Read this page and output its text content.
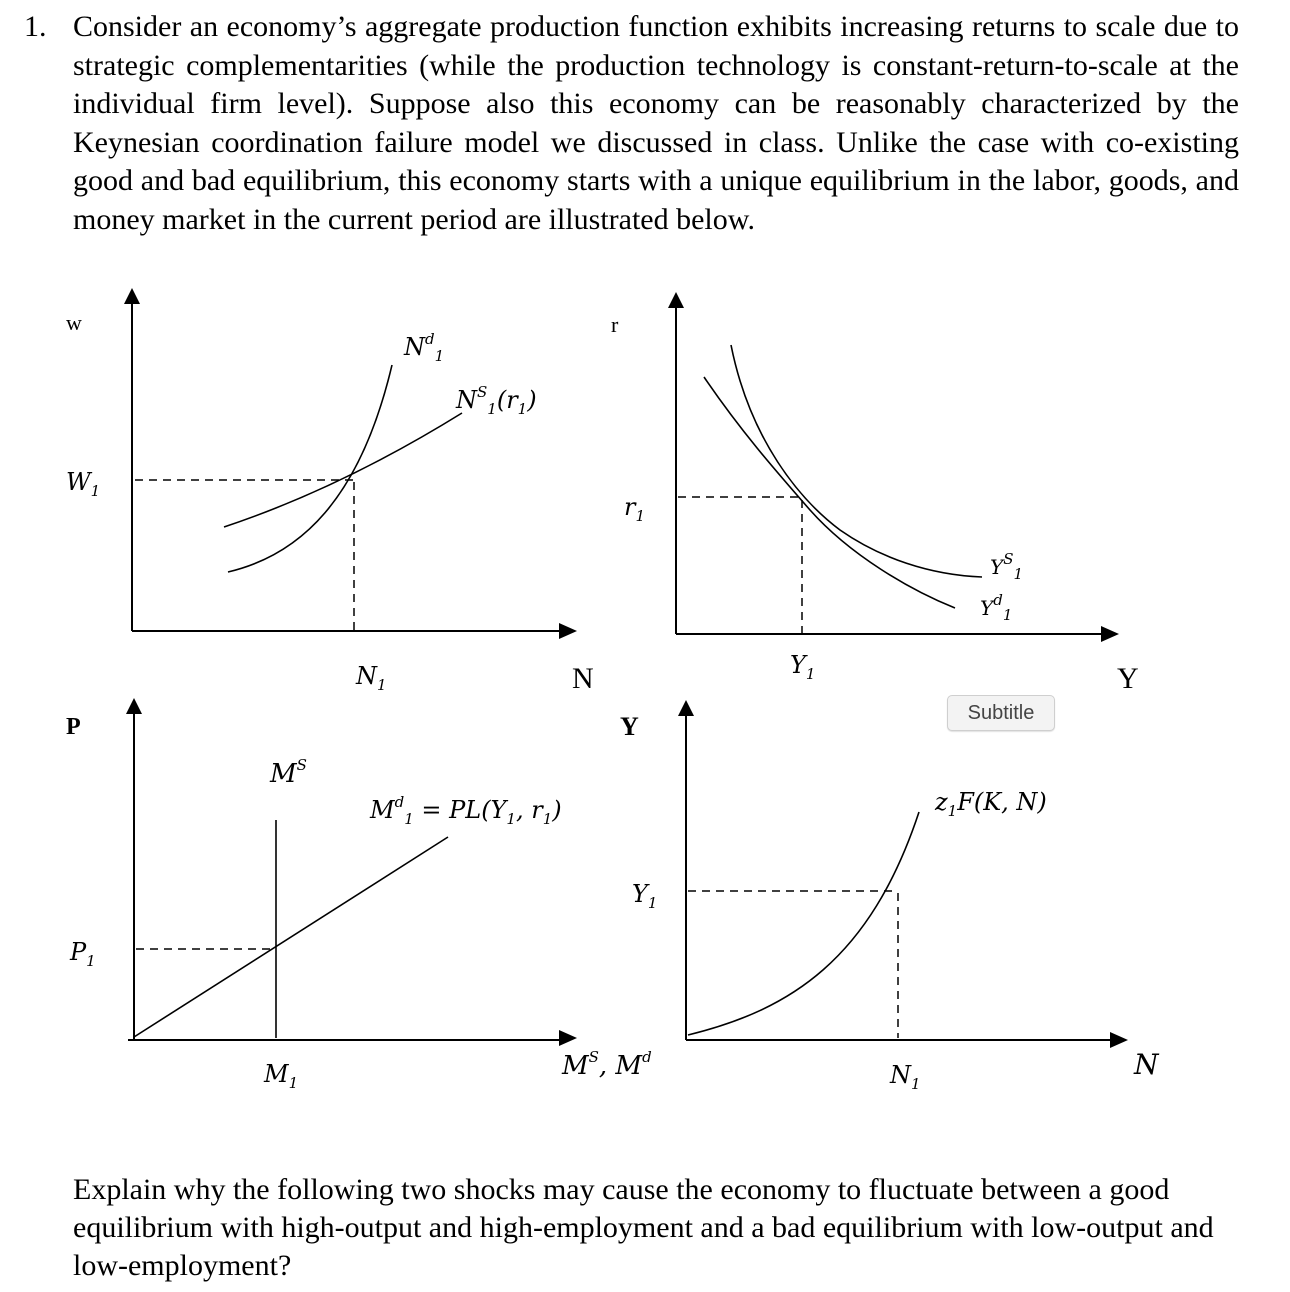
1. Consider an economy’s aggregate production function exhibits increasing returns to scale due to strategic complementarities (while the production technology is constant-return-to-scale at the individual firm level). Suppose also this economy can be reasonably characterized by the Keynesian coordination failure model we discussed in class. Unlike the case with co-existing good and bad equilibrium, this economy starts with a unique equilibrium in the labor, goods, and money market in the current period are illustrated below.
w
$W_1$
$N^d_1$
$N^S_1(r_1)$
$N_1$	N
r
$r_1$
$Y^S_1$
$Y^d_1$
$Y_1$	Y
P
$M^S$
$M^d_1 = PL(Y_1$, $r_1$)
$P_1$
$M_1$
$M^S$, $M^d$
Y
$Y_1$
$z_1F(K$, N)
$N_1$
N
Subtitle
Explain why the following two shocks may cause the economy to fluctuate between a good equilibrium with high-output and high-employment and a bad equilibrium with low-output and low-employment?
